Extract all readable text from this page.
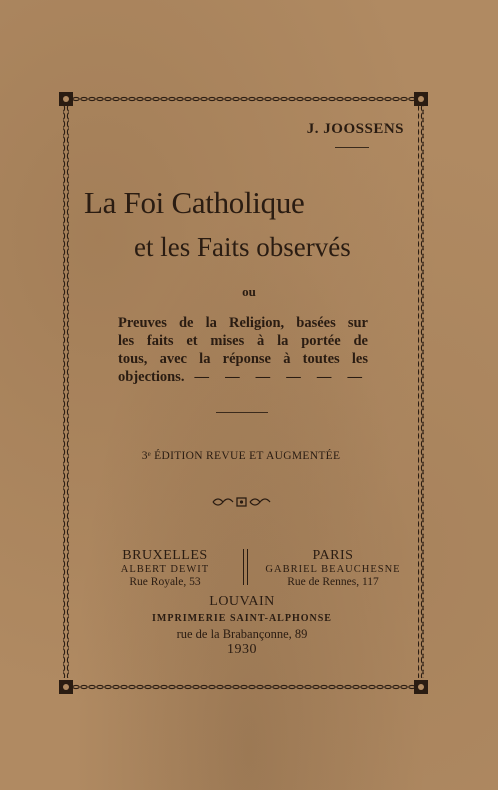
J. JOOSSENS
La Foi Catholique
et les Faits observés
ou
Preuves de la Religion, basées sur
les faits et mises à la portée de
tous, avec la réponse à toutes les
objections. — — — — — —
3ᵉ ÉDITION REVUE ET AUGMENTÉE
BRUXELLES
ALBERT DEWIT
Rue Royale, 53
PARIS
GABRIEL BEAUCHESNE
Rue de Rennes, 117
LOUVAIN
IMPRIMERIE SAINT-ALPHONSE
rue de la Brabançonne, 89
1930
